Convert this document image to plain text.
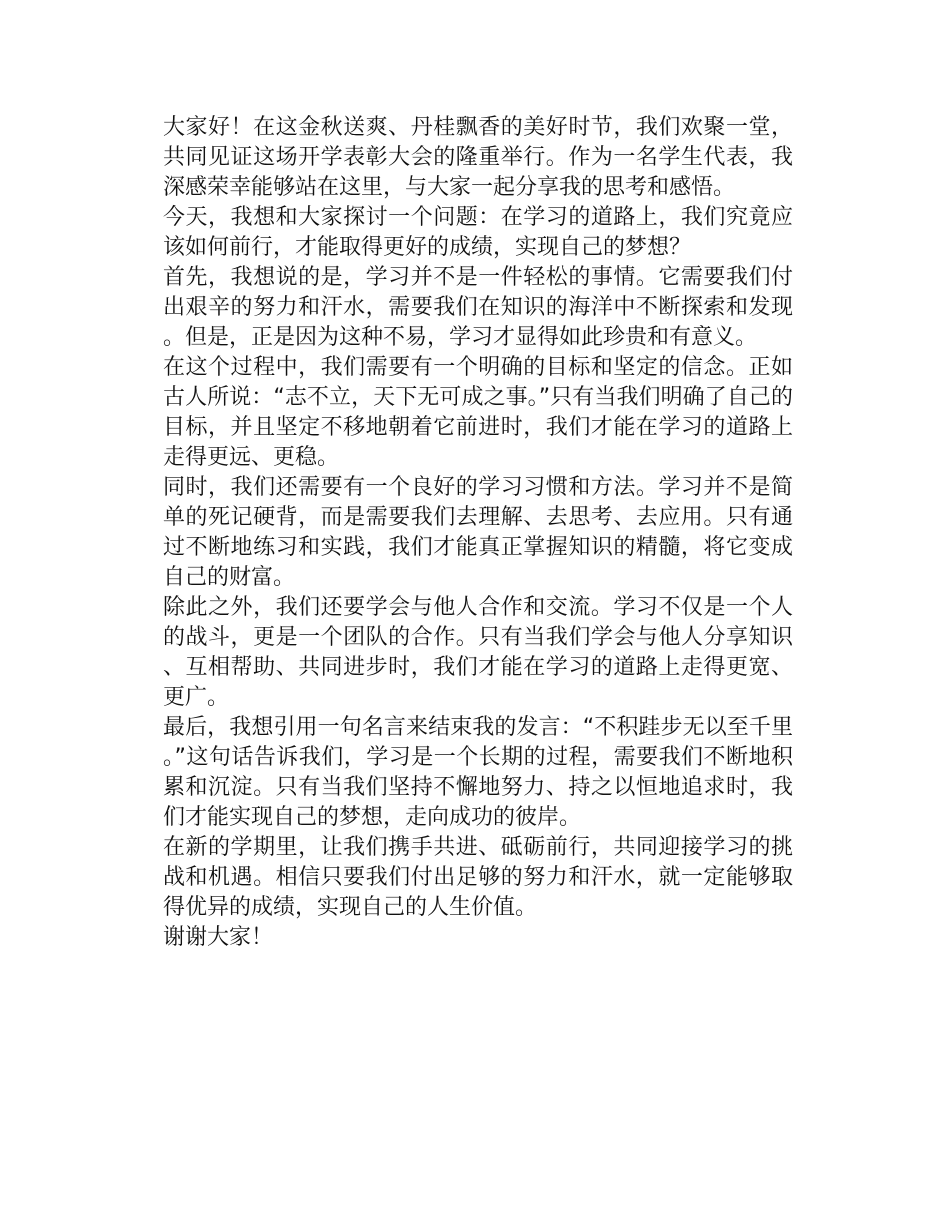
大家好！在这金秋送爽、丹桂飘香的美好时节，我们欢聚一堂，共同见证这场开学表彰大会的隆重举行。作为一名学生代表，我深感荣幸能够站在这里，与大家一起分享我的思考和感悟。

今天，我想和大家探讨一个问题：在学习的道路上，我们究竟应该如何前行，才能取得更好的成绩，实现自己的梦想？

首先，我想说的是，学习并不是一件轻松的事情。它需要我们付出艰辛的努力和汗水，需要我们在知识的海洋中不断探索和发现。但是，正是因为这种不易，学习才显得如此珍贵和有意义。

在这个过程中，我们需要有一个明确的目标和坚定的信念。正如古人所说：“志不立，天下无可成之事。”只有当我们明确了自己的目标，并且坚定不移地朝着它前进时，我们才能在学习的道路上走得更远、更稳。

同时，我们还需要有一个良好的学习习惯和方法。学习并不是简单的死记硬背，而是需要我们去理解、去思考、去应用。只有通过不断地练习和实践，我们才能真正掌握知识的精髓，将它变成自己的财富。

除此之外，我们还要学会与他人合作和交流。学习不仅是一个人的战斗，更是一个团队的合作。只有当我们学会与他人分享知识、互相帮助、共同进步时，我们才能在学习的道路上走得更宽、更广。

最后，我想引用一句名言来结束我的发言：“不积跬步无以至千里。”这句话告诉我们，学习是一个长期的过程，需要我们不断地积累和沉淀。只有当我们坚持不懈地努力、持之以恒地追求时，我们才能实现自己的梦想，走向成功的彼岸。

在新的学期里，让我们携手共进、砥砺前行，共同迎接学习的挑战和机遇。相信只要我们付出足够的努力和汗水，就一定能够取得优异的成绩，实现自己的人生价值。

谢谢大家！
